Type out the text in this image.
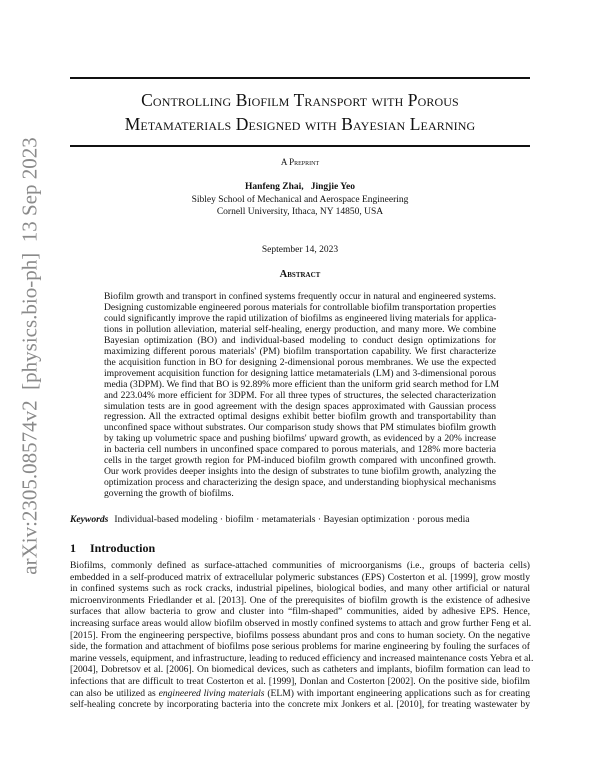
arXiv:2305.08574v2  [physics.bio-ph]  13 Sep 2023
Controlling Biofilm Transport with Porous
Metamaterials Designed with Bayesian Learning
A Preprint
Hanfeng Zhai,   Jingjie Yeo
Sibley School of Mechanical and Aerospace Engineering
Cornell University, Ithaca, NY 14850, USA
September 14, 2023
Abstract
Biofilm growth and transport in confined systems frequently occur in natural and engineered systems.
Designing customizable engineered porous materials for controllable biofilm transportation properties
could significantly improve the rapid utilization of biofilms as engineered living materials for applica-
tions in pollution alleviation, material self-healing, energy production, and many more. We combine
Bayesian optimization (BO) and individual-based modeling to conduct design optimizations for
maximizing different porous materials' (PM) biofilm transportation capability. We first characterize
the acquisition function in BO for designing 2-dimensional porous membranes. We use the expected
improvement acquisition function for designing lattice metamaterials (LM) and 3-dimensional porous
media (3DPM). We find that BO is 92.89% more efficient than the uniform grid search method for LM
and 223.04% more efficient for 3DPM. For all three types of structures, the selected characterization
simulation tests are in good agreement with the design spaces approximated with Gaussian process
regression. All the extracted optimal designs exhibit better biofilm growth and transportability than
unconfined space without substrates. Our comparison study shows that PM stimulates biofilm growth
by taking up volumetric space and pushing biofilms' upward growth, as evidenced by a 20% increase
in bacteria cell numbers in unconfined space compared to porous materials, and 128% more bacteria
cells in the target growth region for PM-induced biofilm growth compared with unconfined growth.
Our work provides deeper insights into the design of substrates to tune biofilm growth, analyzing the
optimization process and characterizing the design space, and understanding biophysical mechanisms
governing the growth of biofilms.
Keywords Individual-based modeling · biofilm · metamaterials · Bayesian optimization · porous media
1 Introduction
Biofilms, commonly defined as surface-attached communities of microorganisms (i.e., groups of bacteria cells)
embedded in a self-produced matrix of extracellular polymeric substances (EPS) Costerton et al. [1999], grow mostly
in confined systems such as rock cracks, industrial pipelines, biological bodies, and many other artificial or natural
microenvironments Friedlander et al. [2013]. One of the prerequisites of biofilm growth is the existence of adhesive
surfaces that allow bacteria to grow and cluster into “film-shaped” communities, aided by adhesive EPS. Hence,
increasing surface areas would allow biofilm observed in mostly confined systems to attach and grow further Feng et al.
[2015]. From the engineering perspective, biofilms possess abundant pros and cons to human society. On the negative
side, the formation and attachment of biofilms pose serious problems for marine engineering by fouling the surfaces of
marine vessels, equipment, and infrastructure, leading to reduced efficiency and increased maintenance costs Yebra et al.
[2004], Dobretsov et al. [2006]. On biomedical devices, such as catheters and implants, biofilm formation can lead to
infections that are difficult to treat Costerton et al. [1999], Donlan and Costerton [2002]. On the positive side, biofilm
can also be utilized as engineered living materials (ELM) with important engineering applications such as for creating
self-healing concrete by incorporating bacteria into the concrete mix Jonkers et al. [2010], for treating wastewater by
